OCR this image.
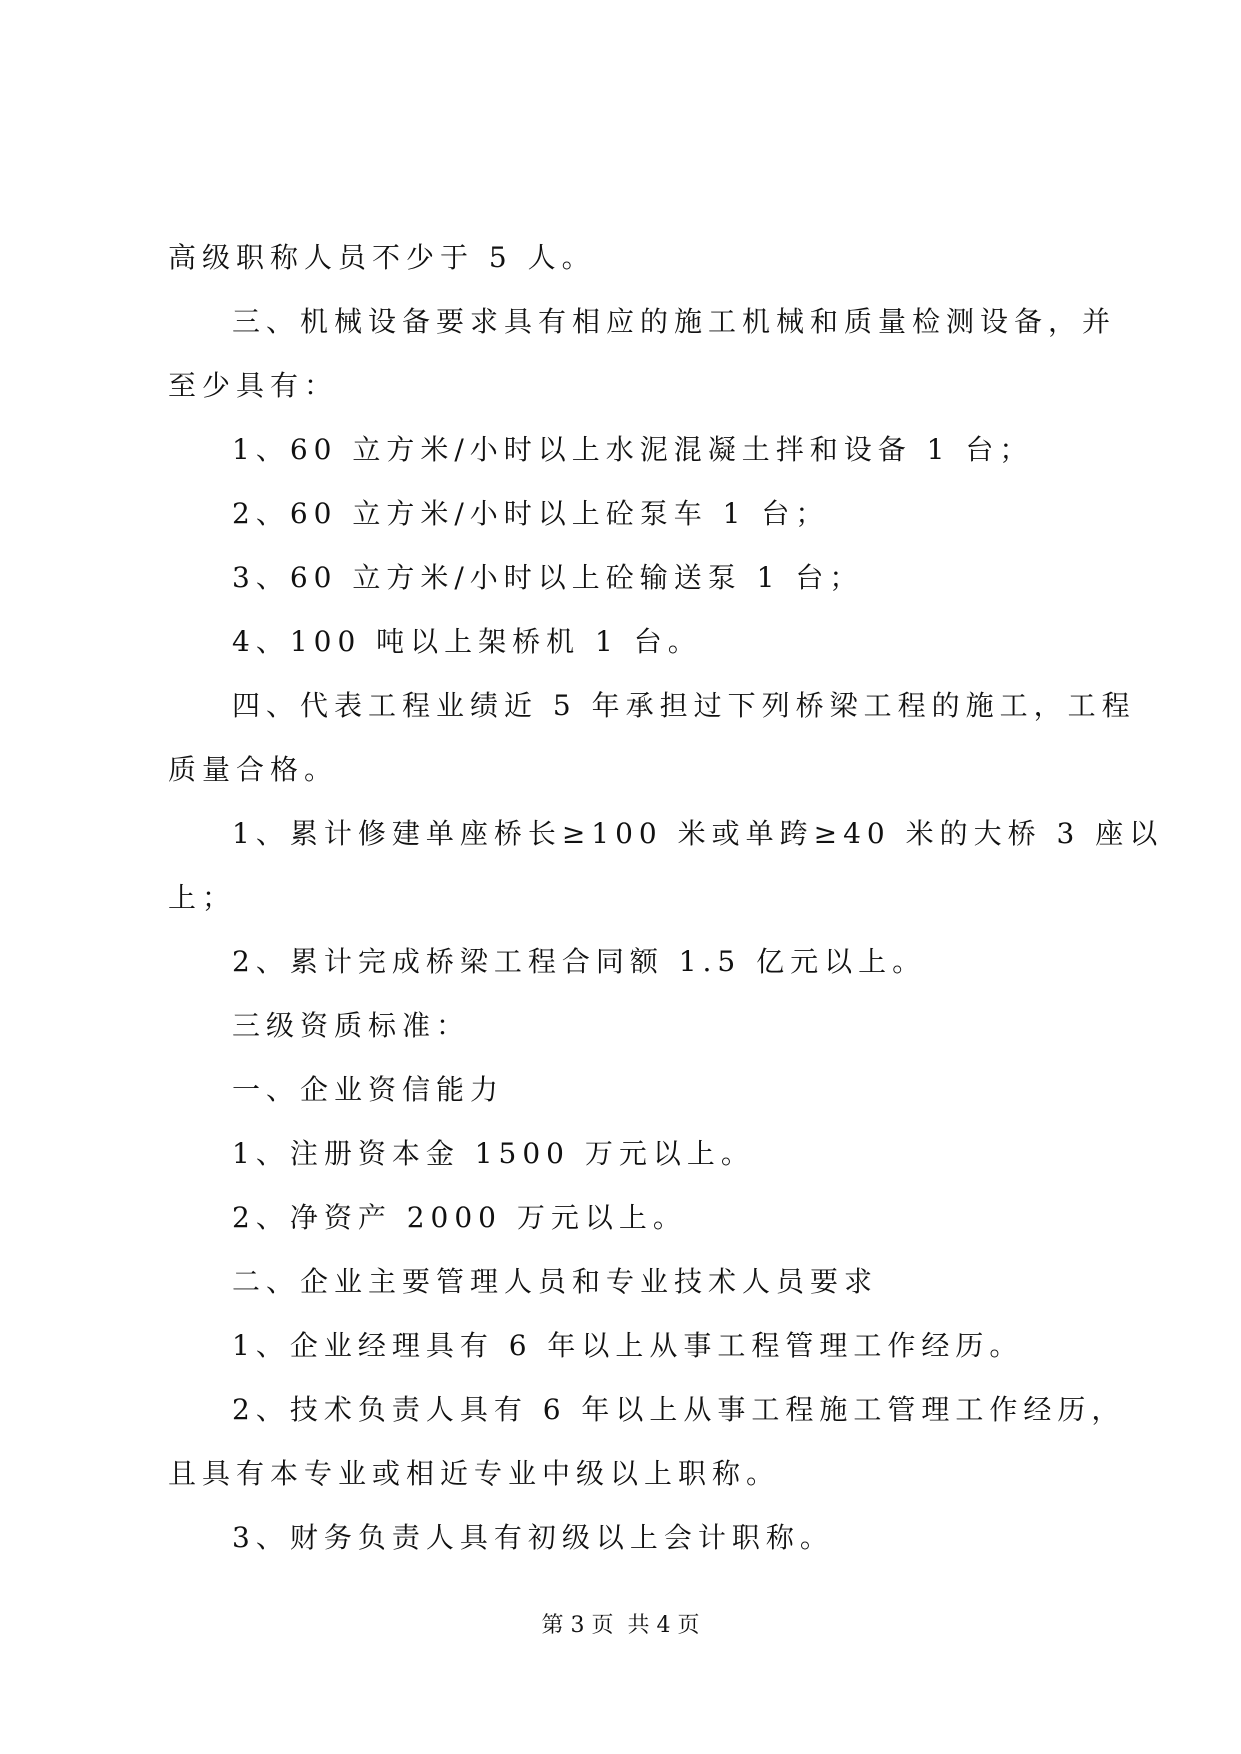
高级职称人员不少于 5 人。
三、机械设备要求具有相应的施工机械和质量检测设备，并
至少具有：
1、60 立方米/小时以上水泥混凝土拌和设备 1 台；
2、60 立方米/小时以上砼泵车 1 台；
3、60 立方米/小时以上砼输送泵 1 台；
4、100 吨以上架桥机 1 台。
四、代表工程业绩近 5 年承担过下列桥梁工程的施工，工程
质量合格。
1、累计修建单座桥长≥100 米或单跨≥40 米的大桥 3 座以
上；
2、累计完成桥梁工程合同额 1.5 亿元以上。
三级资质标准：
一、企业资信能力
1、注册资本金 1500 万元以上。
2、净资产 2000 万元以上。
二、企业主要管理人员和专业技术人员要求
1、企业经理具有 6 年以上从事工程管理工作经历。
2、技术负责人具有 6 年以上从事工程施工管理工作经历，
且具有本专业或相近专业中级以上职称。
3、财务负责人具有初级以上会计职称。
第 3 页 共 4 页
